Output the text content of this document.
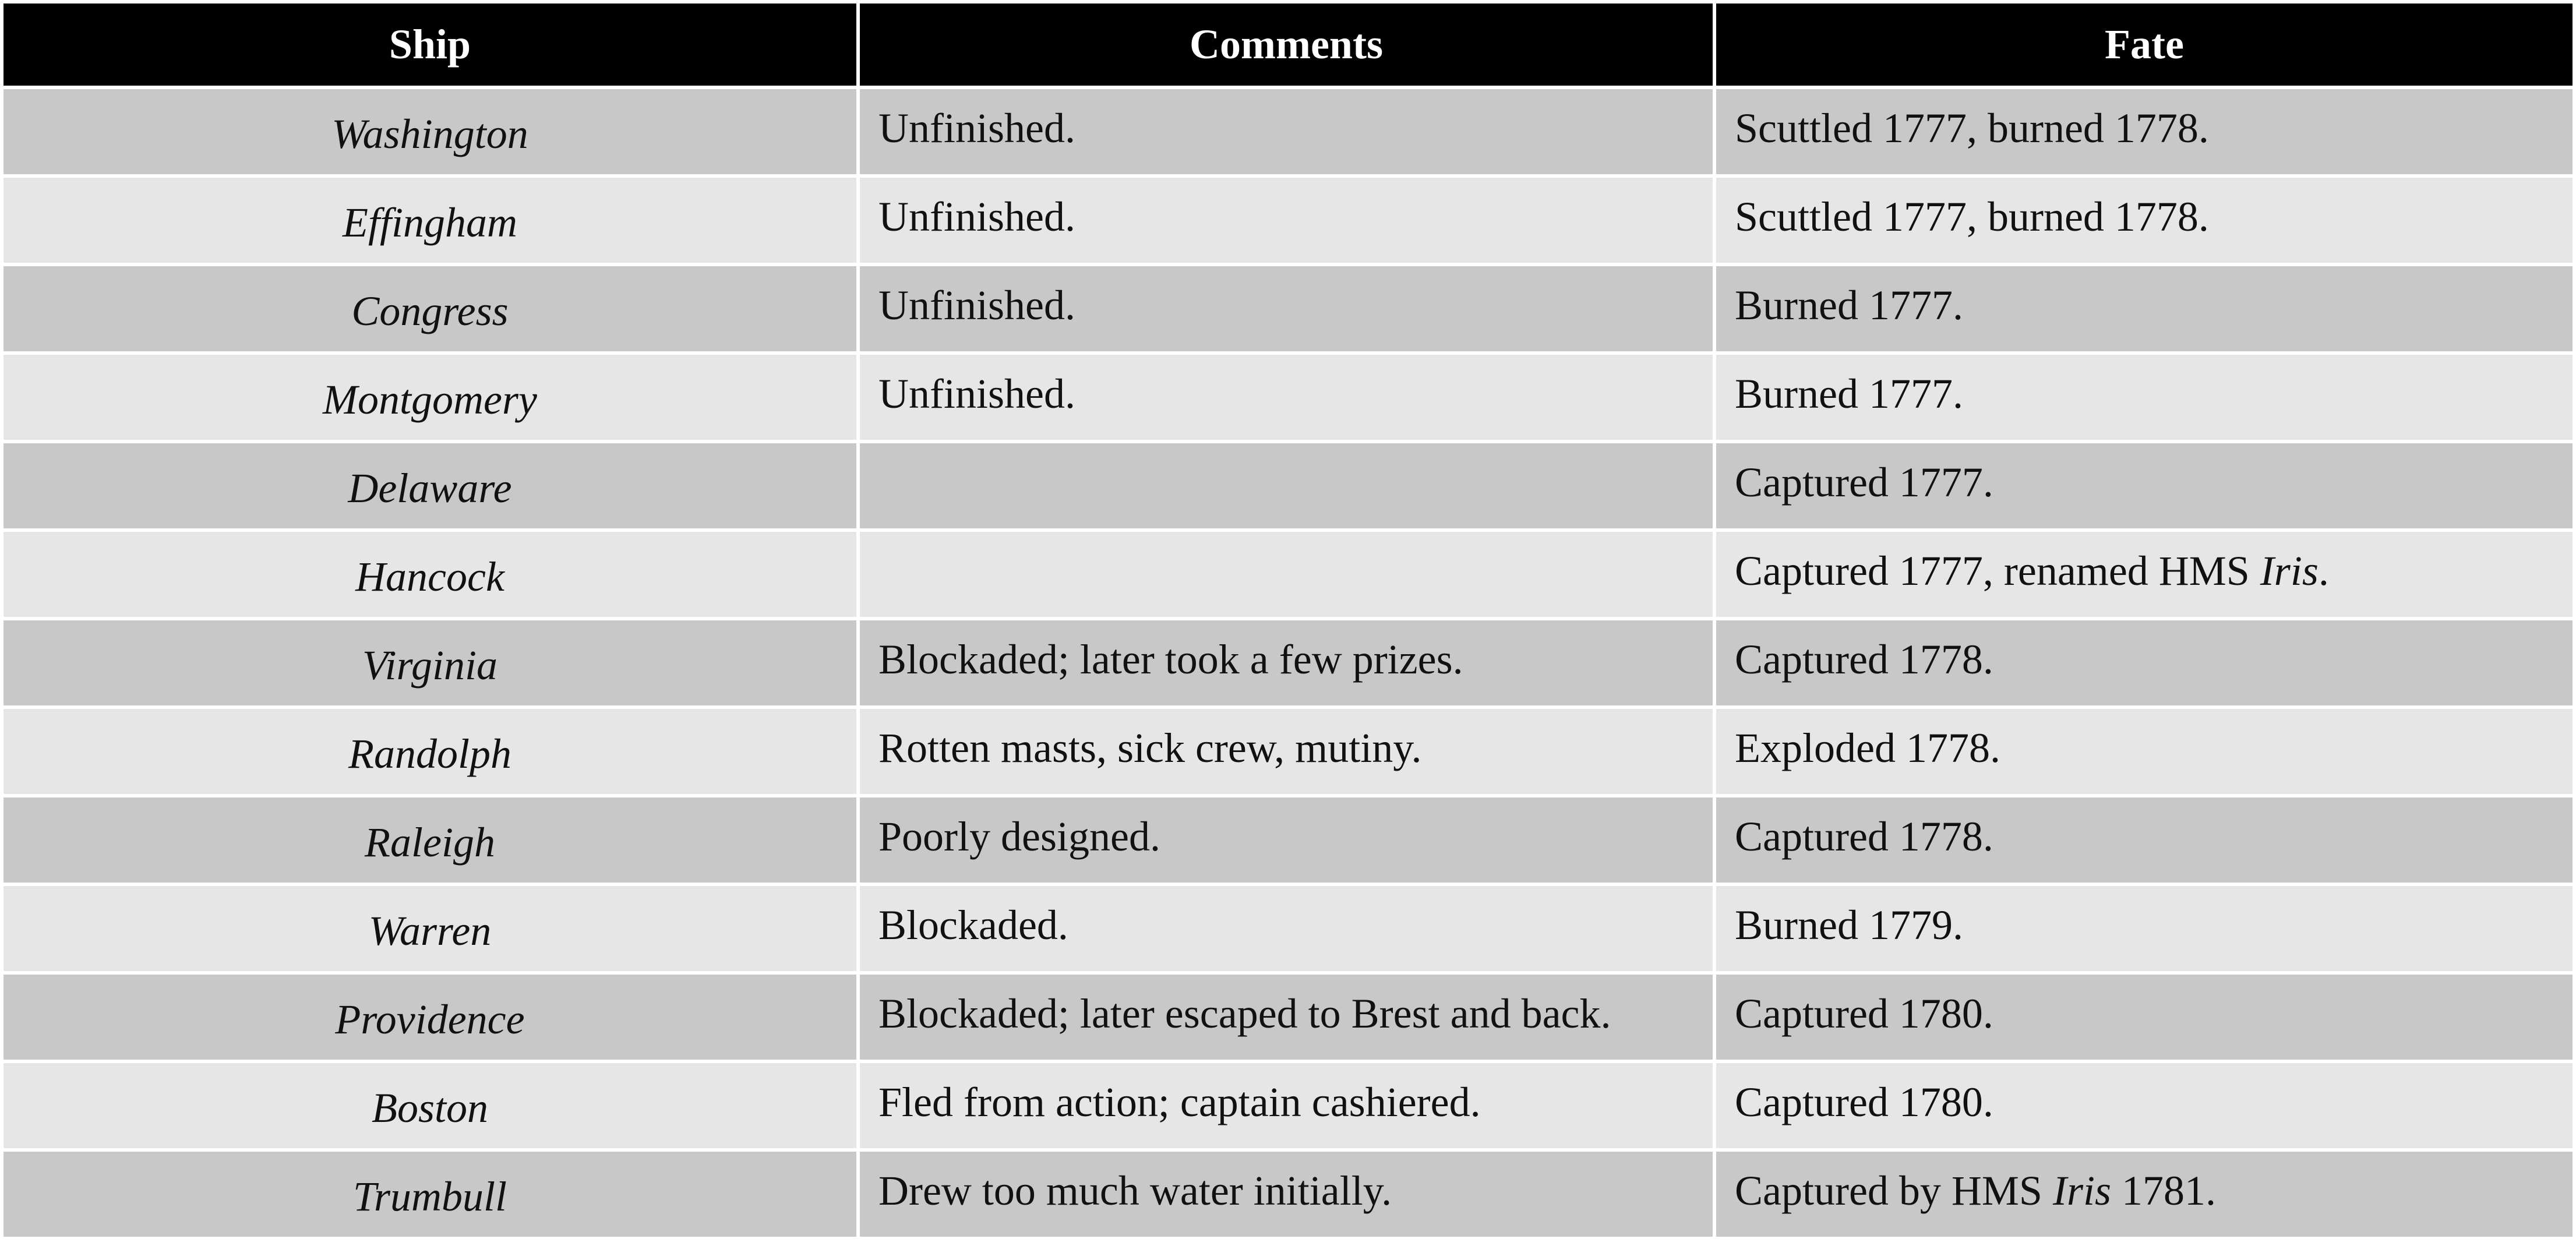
Ship	Comments	Fate
Washington	Unfinished.	Scuttled 1777, burned 1778.
Effingham	Unfinished.	Scuttled 1777, burned 1778.
Congress	Unfinished.	Burned 1777.
Montgomery	Unfinished.	Burned 1777.
Delaware		Captured 1777.
Hancock		Captured 1777, renamed HMS Iris.
Virginia	Blockaded; later took a few prizes.	Captured 1778.
Randolph	Rotten masts, sick crew, mutiny.	Exploded 1778.
Raleigh	Poorly designed.	Captured 1778.
Warren	Blockaded.	Burned 1779.
Providence	Blockaded; later escaped to Brest and back.	Captured 1780.
Boston	Fled from action; captain cashiered.	Captured 1780.
Trumbull	Drew too much water initially.	Captured by HMS Iris 1781.
